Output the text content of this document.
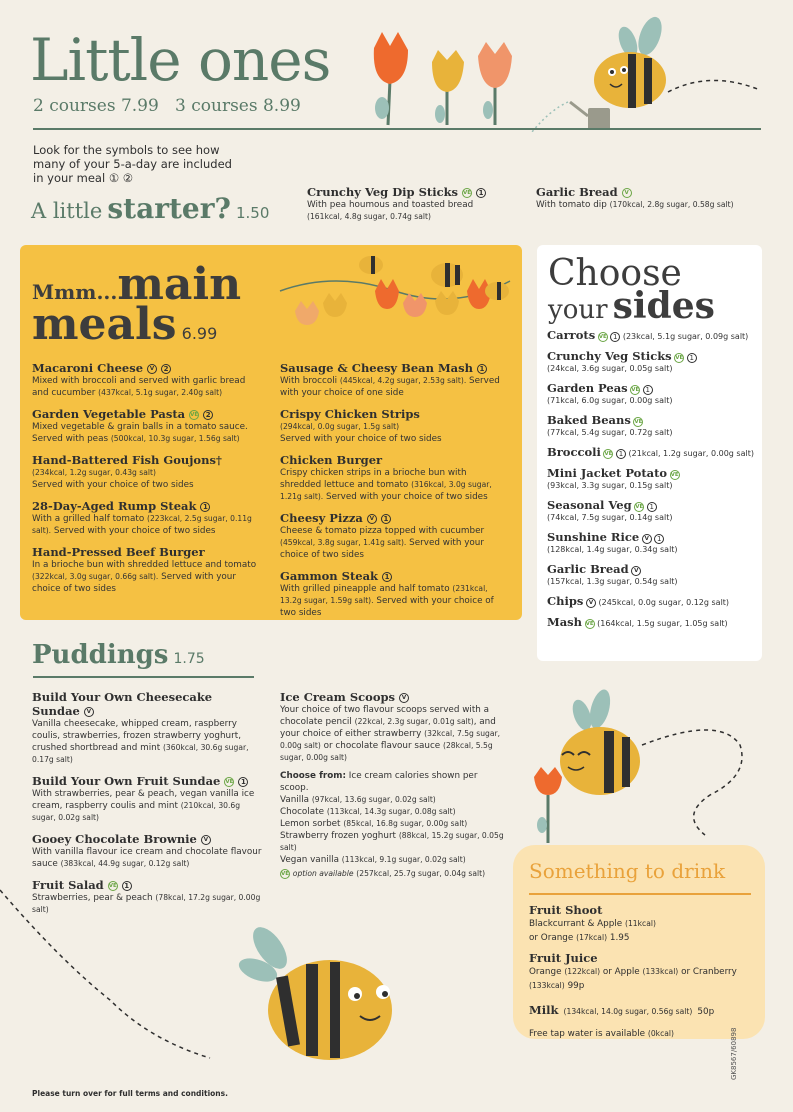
Little ones
2 courses 7.99   3 courses 8.99
Look for the symbols to see how
many of your 5-a-day are included
in your meal ① ②
A little starter? 1.50
Crunchy Veg Dip Sticks VE 1
With pea houmous and toasted bread
(161kcal, 4.8g sugar, 0.74g salt)
Garlic Bread V
With tomato dip (170kcal, 2.8g sugar, 0.58g salt)
Mmm...main
meals 6.99
Macaroni Cheese V 2
Mixed with broccoli and served with garlic bread and cucumber (437kcal, 5.1g sugar, 2.40g salt)
Garden Vegetable Pasta VE 2
Mixed vegetable & grain balls in a tomato sauce. Served with peas (500kcal, 10.3g sugar, 1.56g salt)
Hand-Battered Fish Goujons†
(234kcal, 1.2g sugar, 0.43g salt)
Served with your choice of two sides
28-Day-Aged Rump Steak 1
With a grilled half tomato (223kcal, 2.5g sugar, 0.11g salt). Served with your choice of two sides
Hand-Pressed Beef Burger
In a brioche bun with shredded lettuce and tomato (322kcal, 3.0g sugar, 0.66g salt). Served with your choice of two sides
Sausage & Cheesy Bean Mash 1
With broccoli (445kcal, 4.2g sugar, 2.53g salt). Served with your choice of one side
Crispy Chicken Strips
(294kcal, 0.0g sugar, 1.5g salt)
Served with your choice of two sides
Chicken Burger
Crispy chicken strips in a brioche bun with shredded lettuce and tomato (316kcal, 3.0g sugar, 1.21g salt). Served with your choice of two sides
Cheesy Pizza V 1
Cheese & tomato pizza topped with cucumber (459kcal, 3.8g sugar, 1.41g salt). Served with your choice of two sides
Gammon Steak 1
With grilled pineapple and half tomato (231kcal, 13.2g sugar, 1.59g salt). Served with your choice of two sides
Choose
your sides
Carrots VE 1 (23kcal, 5.1g sugar, 0.09g salt)
Crunchy Veg Sticks VE 1
(24kcal, 3.6g sugar, 0.05g salt)
Garden Peas VE 1
(71kcal, 6.0g sugar, 0.00g salt)
Baked Beans VE
(77kcal, 5.4g sugar, 0.72g salt)
Broccoli VE 1 (21kcal, 1.2g sugar, 0.00g salt)
Mini Jacket Potato VE
(93kcal, 3.3g sugar, 0.15g salt)
Seasonal Veg VE 1
(74kcal, 7.5g sugar, 0.14g salt)
Sunshine Rice V 1
(128kcal, 1.4g sugar, 0.34g salt)
Garlic Bread V
(157kcal, 1.3g sugar, 0.54g salt)
Chips V (245kcal, 0.0g sugar, 0.12g salt)
Mash VE (164kcal, 1.5g sugar, 1.05g salt)
Puddings 1.75
Build Your Own Cheesecake Sundae V
Vanilla cheesecake, whipped cream, raspberry coulis, strawberries, frozen strawberry yoghurt, crushed shortbread and mint (360kcal, 30.6g sugar, 0.17g salt)
Build Your Own Fruit Sundae VE 1
With strawberries, pear & peach, vegan vanilla ice cream, raspberry coulis and mint (210kcal, 30.6g sugar, 0.02g salt)
Gooey Chocolate Brownie V
With vanilla flavour ice cream and chocolate flavour sauce (383kcal, 44.9g sugar, 0.12g salt)
Fruit Salad VE 1
Strawberries, pear & peach (78kcal, 17.2g sugar, 0.00g salt)
Ice Cream Scoops V
Your choice of two flavour scoops served with a chocolate pencil (22kcal, 2.3g sugar, 0.01g salt), and your choice of either strawberry (32kcal, 7.5g sugar, 0.00g salt) or chocolate flavour sauce (28kcal, 5.5g sugar, 0.00g salt)
Choose from: Ice cream calories shown per scoop.
Vanilla (97kcal, 13.6g sugar, 0.02g salt)
Chocolate (113kcal, 14.3g sugar, 0.08g salt)
Lemon sorbet (85kcal, 16.8g sugar, 0.00g salt)
Strawberry frozen yoghurt (88kcal, 15.2g sugar, 0.05g salt)
Vegan vanilla (113kcal, 9.1g sugar, 0.02g salt)
VE option available (257kcal, 25.7g sugar, 0.04g salt)	Something to drink
Fruit Shoot
Blackcurrant & Apple (11kcal)
or Orange (17kcal) 1.95
Fruit Juice
Orange (122kcal) or Apple (133kcal) or Cranberry
(133kcal) 99p
Milk (134kcal, 14.0g sugar, 0.56g salt) 50p
Free tap water is available (0kcal)
Please turn over for full terms and conditions.
GK8567/60898
